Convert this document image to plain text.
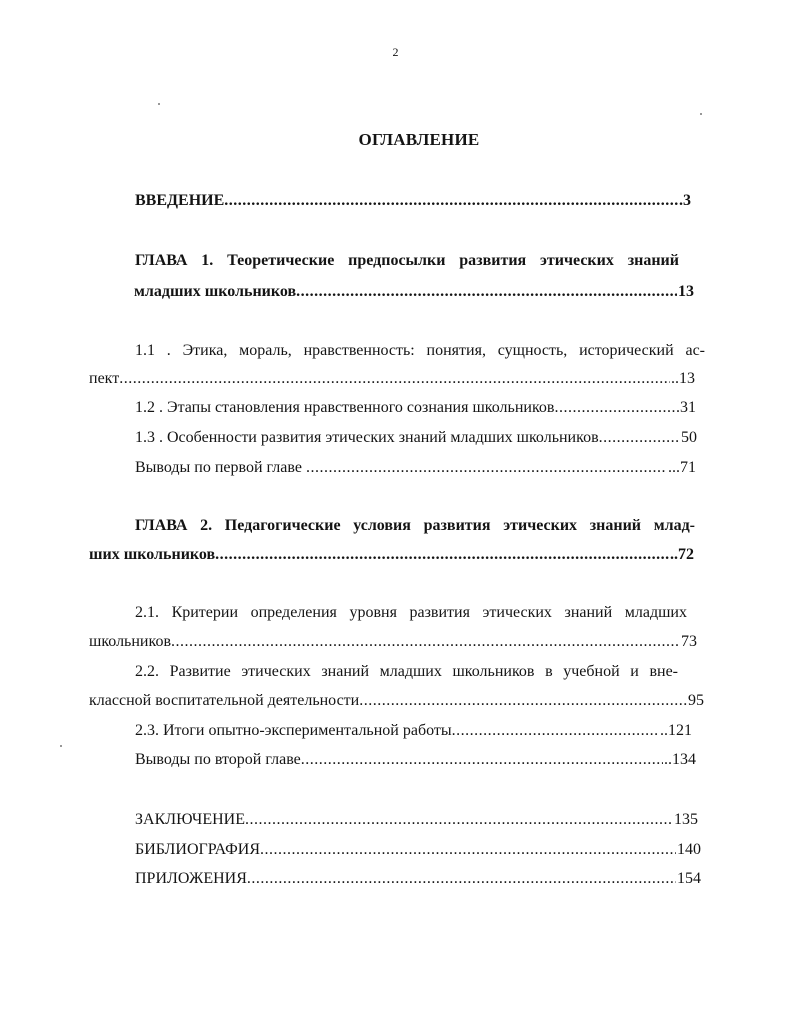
2
ОГЛАВЛЕНИЕ
ВВЕДЕНИЕ .....	.3
ГЛАВА 1. Теоретические предпосылки развития этических знаний
младших школьников .....	13
1.1 . Этика, мораль, нравственность: понятия, сущность, исторический ас-
пект .....	..13
1.2 . Этапы становления нравственного сознания школьников .....	31
1.3 . Особенности развития этических знаний младших школьников .....	50
Выводы по первой главе .....	...71
ГЛАВА 2. Педагогические условия развития этических знаний млад-
ших школьников .....	..72
2.1. Критерии определения уровня развития этических знаний младших
школьников .....	73
2.2. Развитие этических знаний младших школьников в учебной и вне-
классной воспитательной деятельности .....	95
2.3. Итоги опытно-экспериментальной работы .....	..121
Выводы по второй главе .....	..134
ЗАКЛЮЧЕНИЕ .....	135
БИБЛИОГРАФИЯ .....	140
ПРИЛОЖЕНИЯ .....	154
